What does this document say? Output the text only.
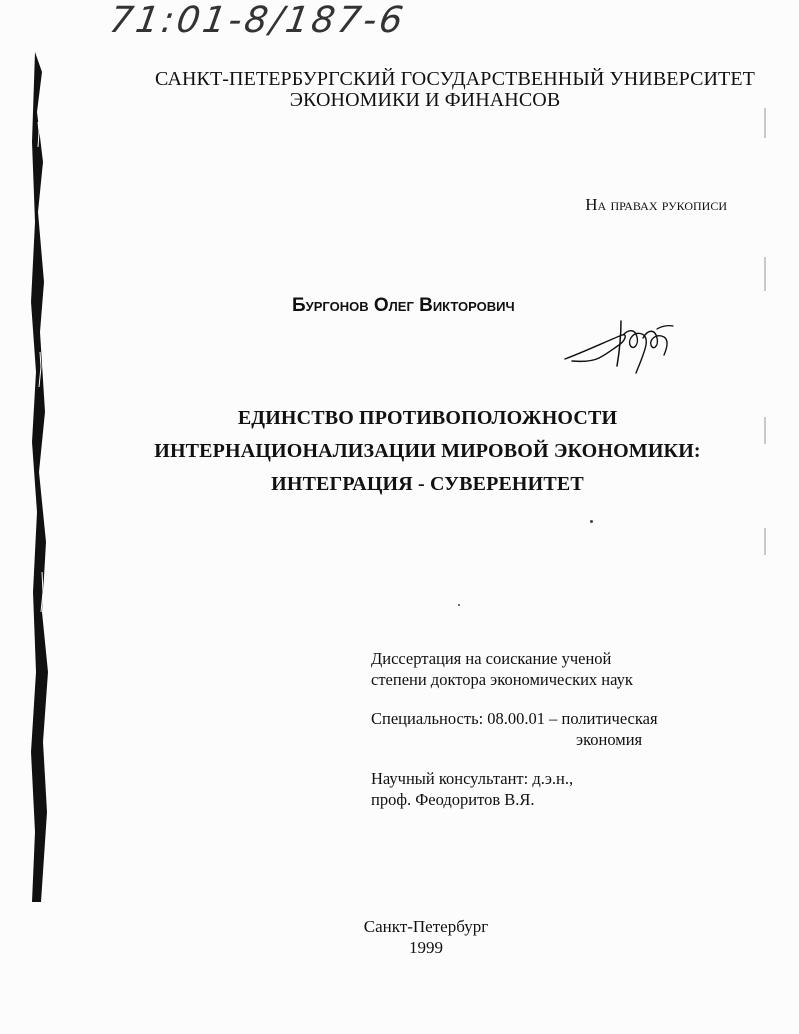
71:01-8/187-6
САНКТ-ПЕТЕРБУРГСКИЙ ГОСУДАРСТВЕННЫЙ УНИВЕРСИТЕТ
ЭКОНОМИКИ И ФИНАНСОВ
На правах рукописи
Бургонов Олег Викторович
ЕДИНСТВО ПРОТИВОПОЛОЖНОСТИ
ИНТЕРНАЦИОНАЛИЗАЦИИ МИРОВОЙ ЭКОНОМИКИ:
ИНТЕГРАЦИЯ - СУВЕРЕНИТЕТ
Диссертация на соискание ученой
степени доктора экономических наук
Специальность: 08.00.01 – политическая
экономия
Научный консультант: д.э.н.,
проф. Феодоритов В.Я.
Санкт-Петербург
1999
